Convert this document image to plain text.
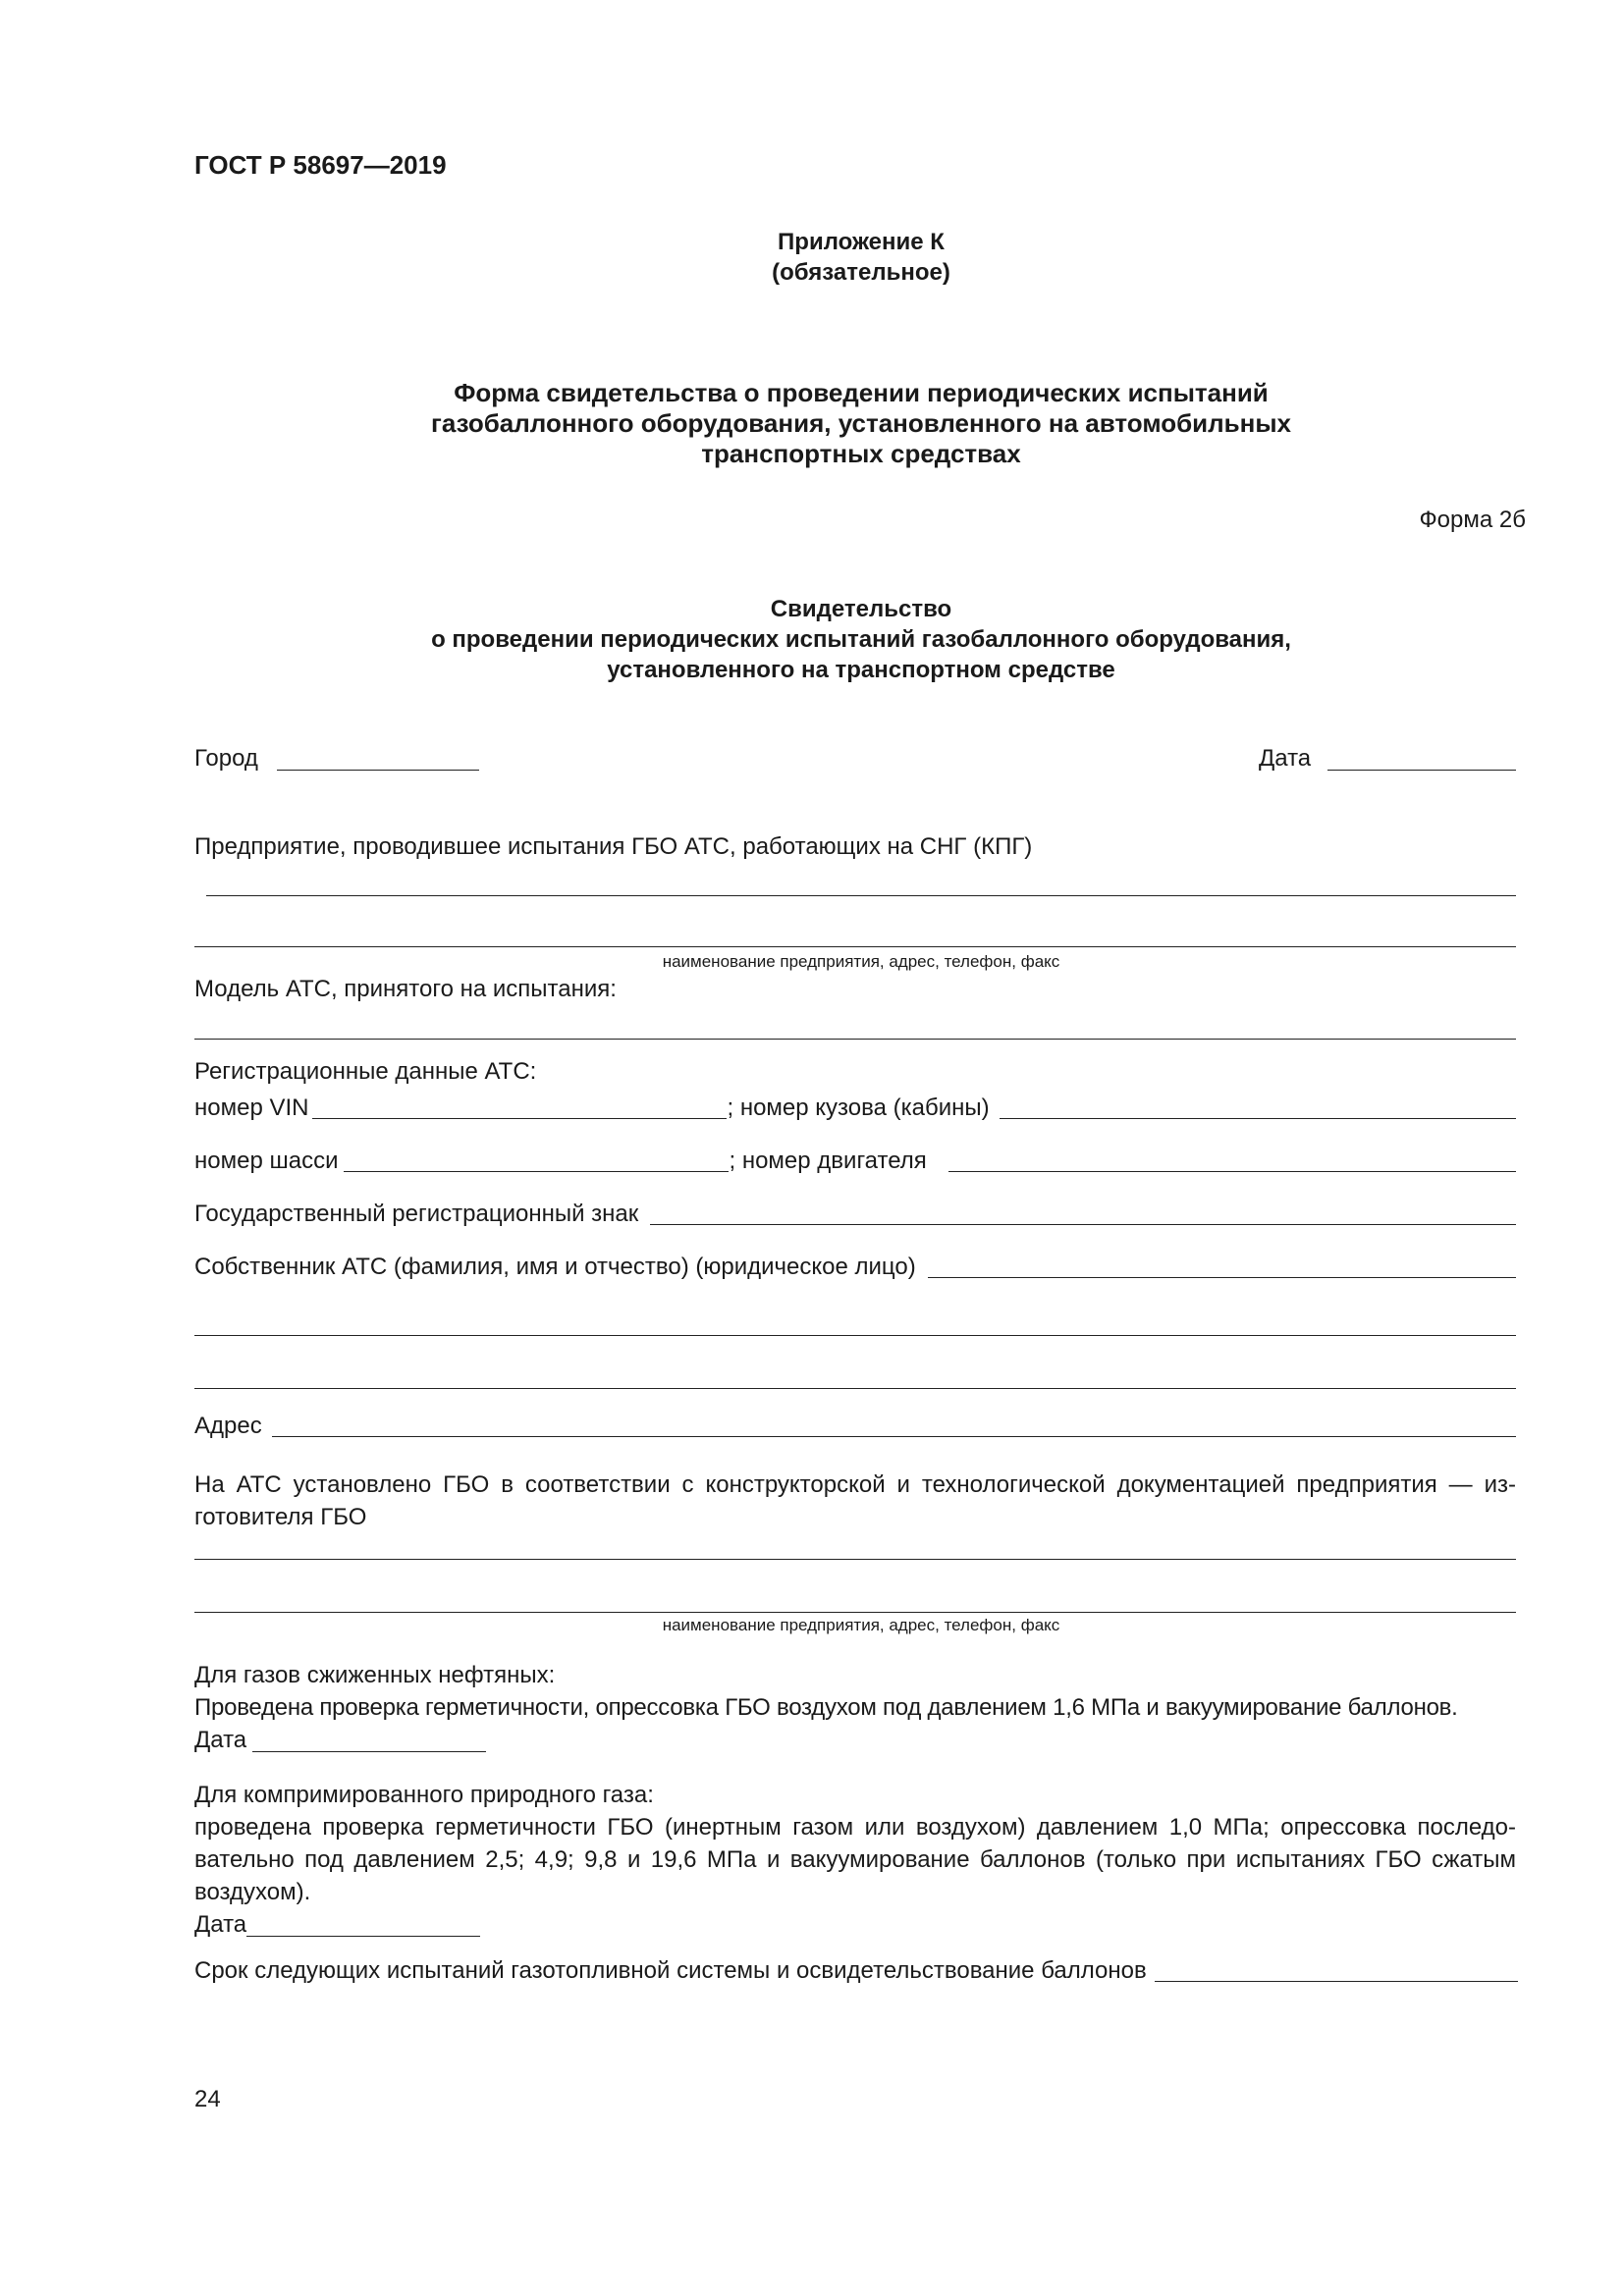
ГОСТ Р 58697—2019
Приложение К
(обязательное)
Форма свидетельства о проведении периодических испытаний
газобаллонного оборудования, установленного на автомобильных
транспортных средствах
Форма 2б
Свидетельство
о проведении периодических испытаний газобаллонного оборудования,
установленного на транспортном средстве
Город	Дата
Предприятие, проводившее испытания ГБО АТС, работающих на СНГ (КПГ)
наименование предприятия, адрес, телефон, факс
Модель АТС, принятого на испытания:
Регистрационные данные АТС:
номер VIN	; номер кузова (кабины)
номер шасси	; номер двигателя
Государственный регистрационный знак
Собственник АТС (фамилия, имя и отчество) (юридическое лицо)
Адрес
На АТС установлено ГБО в соответствии с конструкторской и технологической документацией предприятия — из-готовителя ГБО
наименование предприятия, адрес, телефон, факс
Для газов сжиженных нефтяных:
Проведена проверка герметичности, опрессовка ГБО воздухом под давлением 1,6 МПа и вакуумирование баллонов.
Дата
Для компримированного природного газа:
проведена проверка герметичности ГБО (инертным газом или воздухом) давлением 1,0 МПа; опрессовка последо-вательно под давлением 2,5; 4,9; 9,8 и 19,6 МПа и вакуумирование баллонов (только при испытаниях ГБО сжатым воздухом).
Дата
Срок следующих испытаний газотопливной системы и освидетельствование баллонов
24
